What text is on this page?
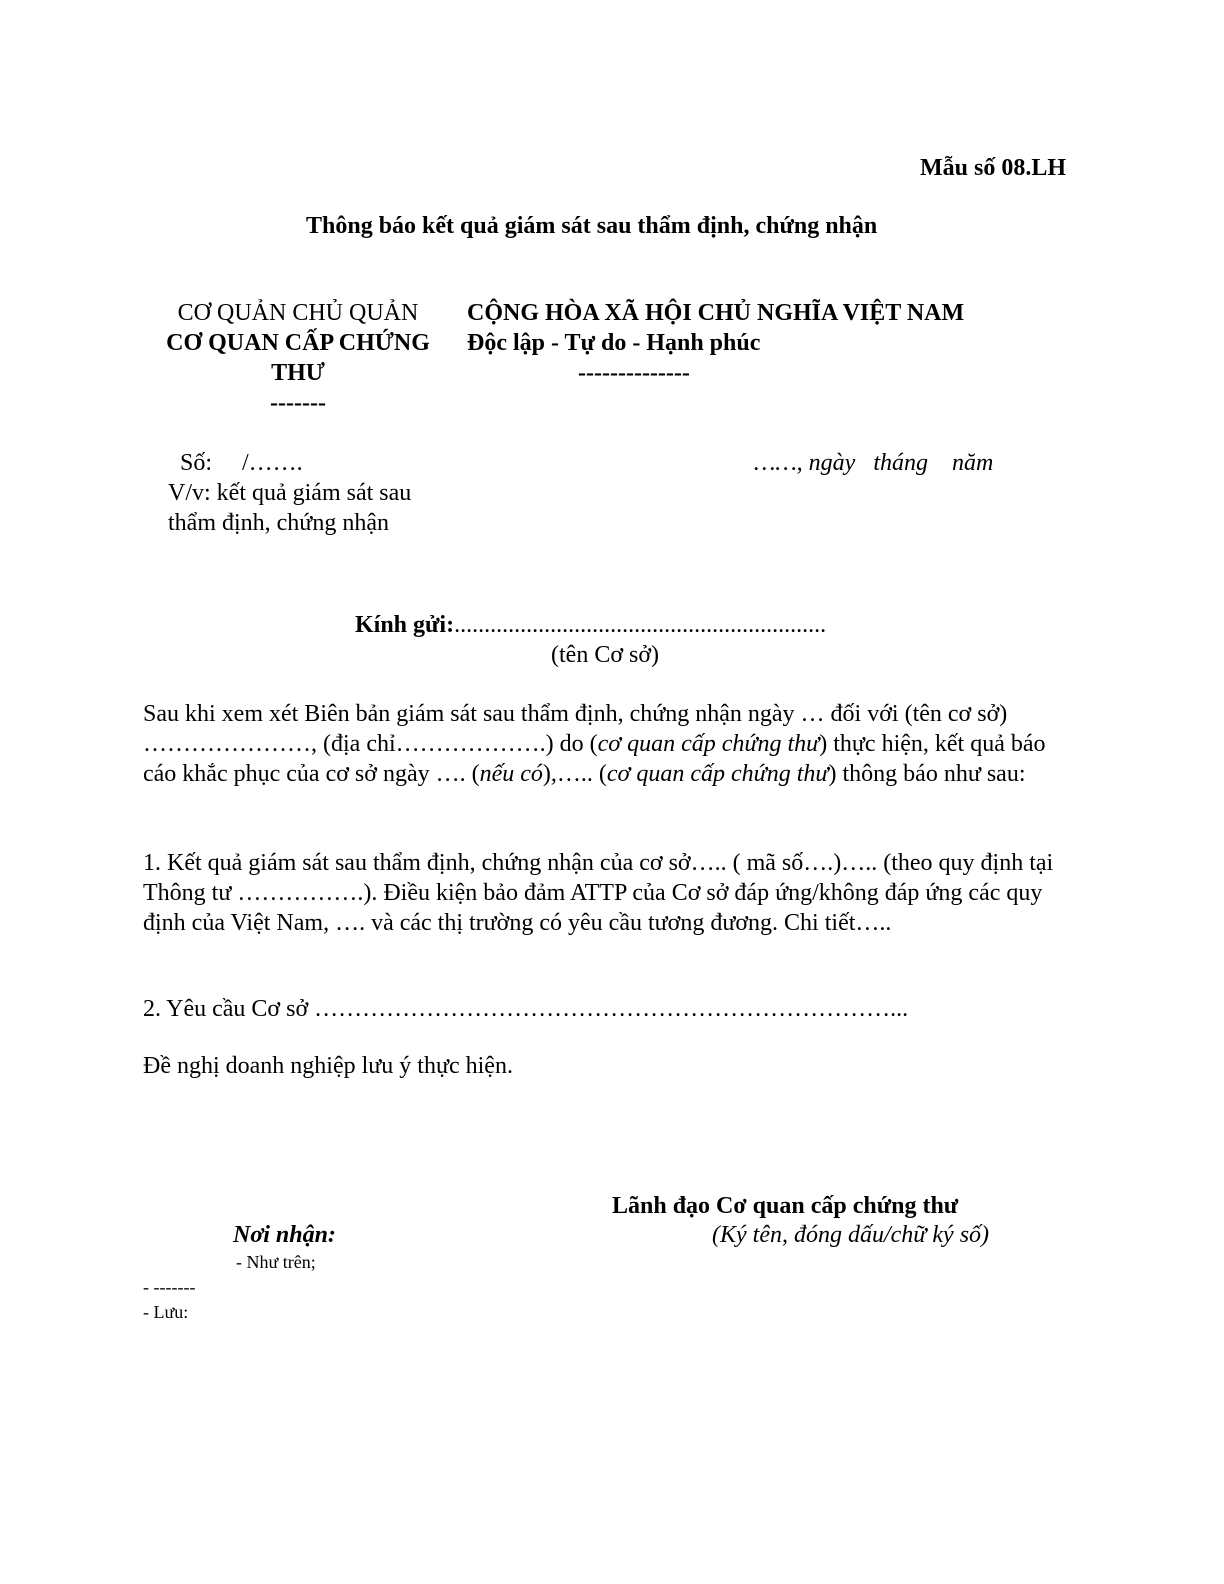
Mẫu số 08.LH
Thông báo kết quả giám sát sau thẩm định, chứng nhận
CƠ QUẢN CHỦ QUẢN
CƠ QUAN CẤP CHỨNG
THƯ
-------
CỘNG HÒA XÃ HỘI CHỦ NGHĨA VIỆT NAM
Độc lập - Tự do - Hạnh phúc
--------------
Số:     /…….
V/v: kết quả giám sát sau
thẩm định, chứng nhận
……, ngày   tháng    năm
Kính gửi:..............................................................
(tên Cơ sở)
Sau khi xem xét Biên bản giám sát sau thẩm định, chứng nhận ngày … đối với (tên cơ sở) …………………, (địa chỉ……………….) do (cơ quan cấp chứng thư) thực hiện, kết quả báo cáo khắc phục của cơ sở ngày …. (nếu có),….. (cơ quan cấp chứng thư) thông báo như sau:
1. Kết quả giám sát sau thẩm định, chứng nhận của cơ sở….. ( mã số….)….. (theo quy định tại Thông tư …………….). Điều kiện bảo đảm ATTP của Cơ sở đáp ứng/không đáp ứng các quy định của Việt Nam, …. và các thị trường có yêu cầu tương đương. Chi tiết…..
2. Yêu cầu Cơ sở ………………………………………………………………...
Đề nghị doanh nghiệp lưu ý thực hiện.
Lãnh đạo Cơ quan cấp chứng thư
(Ký tên, đóng dấu/chữ ký số)
Nơi nhận:
- Như trên;
- -------
- Lưu:
